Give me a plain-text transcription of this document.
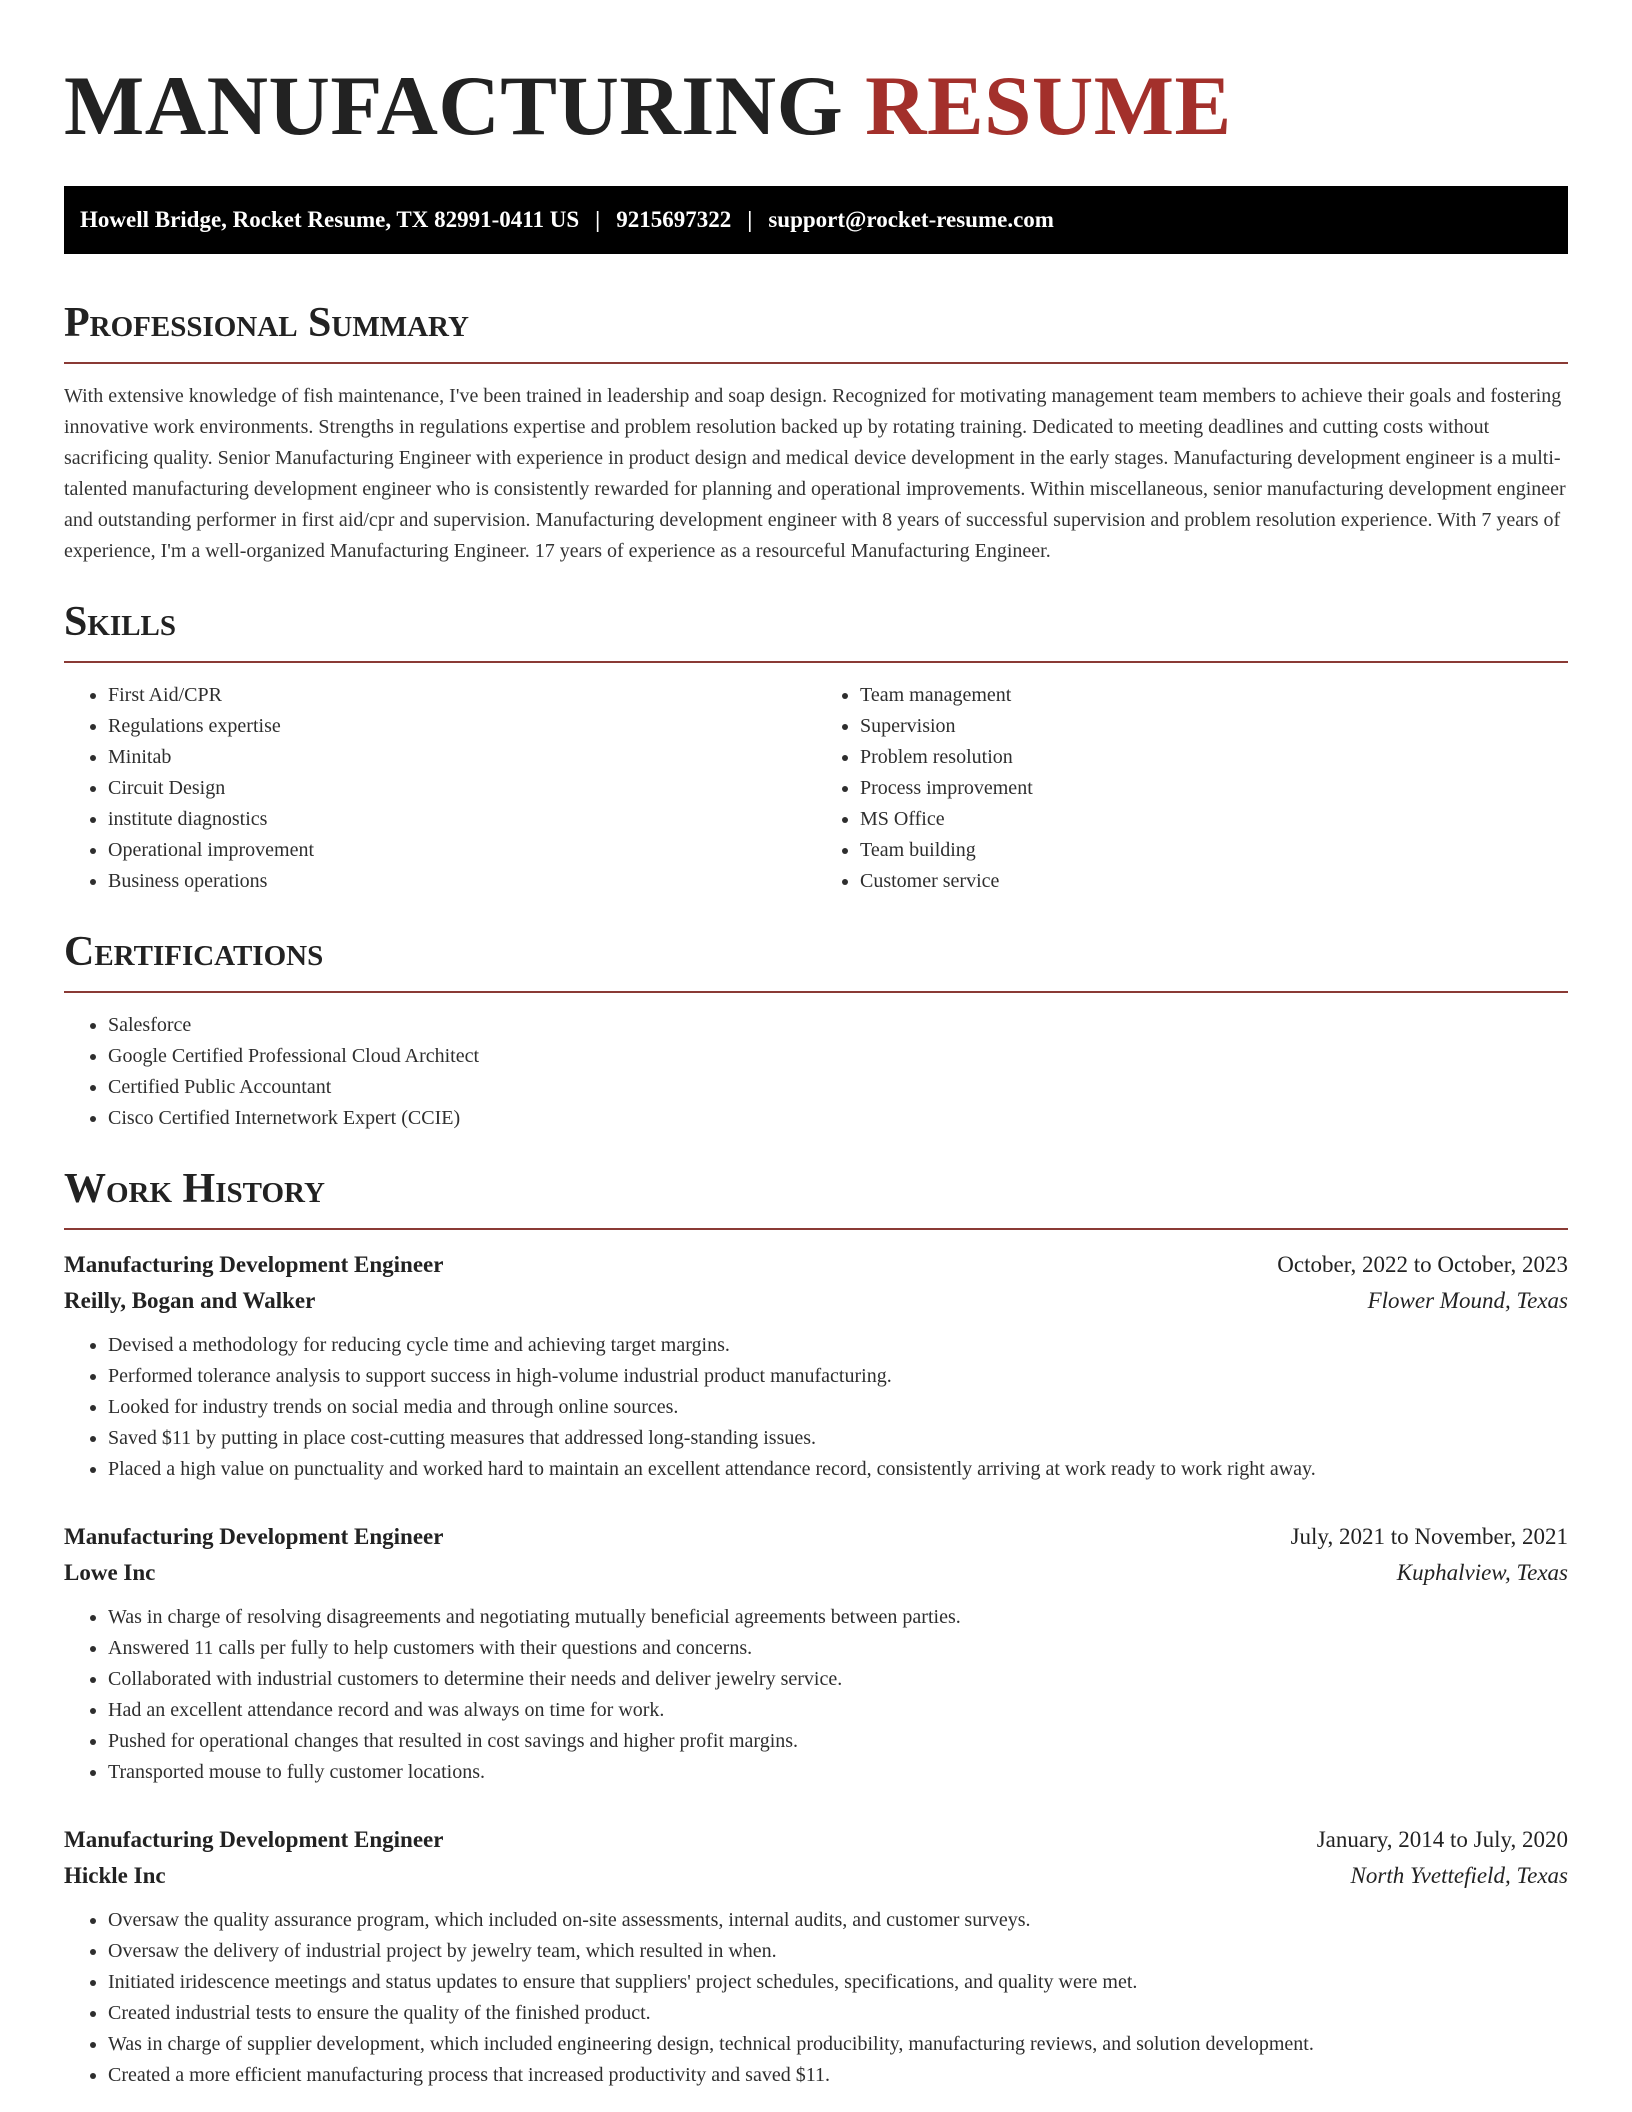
MANUFACTURING RESUME
Howell Bridge, Rocket Resume, TX 82991-0411 US | 9215697322 | support@rocket-resume.com
Professional Summary

With extensive knowledge of fish maintenance, I've been trained in leadership and soap design. Recognized for motivating management team members to achieve their goals and fostering innovative work environments. Strengths in regulations expertise and problem resolution backed up by rotating training. Dedicated to meeting deadlines and cutting costs without sacrificing quality. Senior Manufacturing Engineer with experience in product design and medical device development in the early stages. Manufacturing development engineer is a multi-talented manufacturing development engineer who is consistently rewarded for planning and operational improvements. Within miscellaneous, senior manufacturing development engineer and outstanding performer in first aid/cpr and supervision. Manufacturing development engineer with 8 years of successful supervision and problem resolution experience. With 7 years of experience, I'm a well-organized Manufacturing Engineer. 17 years of experience as a resourceful Manufacturing Engineer.

Skills
• First Aid/CPR
• Regulations expertise
• Minitab
• Circuit Design
• institute diagnostics
• Operational improvement
• Business operations
• Team management
• Supervision
• Problem resolution
• Process improvement
• MS Office
• Team building
• Customer service
Certifications
• Salesforce
• Google Certified Professional Cloud Architect
• Certified Public Accountant
• Cisco Certified Internetwork Expert (CCIE)
Work History
Manufacturing Development Engineer	October, 2022 to October, 2023
Reilly, Bogan and Walker	Flower Mound, Texas
• Devised a methodology for reducing cycle time and achieving target margins.
• Performed tolerance analysis to support success in high-volume industrial product manufacturing.
• Looked for industry trends on social media and through online sources.
• Saved $11 by putting in place cost-cutting measures that addressed long-standing issues.
• Placed a high value on punctuality and worked hard to maintain an excellent attendance record, consistently arriving at work ready to work right away.
Manufacturing Development Engineer	July, 2021 to November, 2021
Lowe Inc	Kuphalview, Texas
• Was in charge of resolving disagreements and negotiating mutually beneficial agreements between parties.
• Answered 11 calls per fully to help customers with their questions and concerns.
• Collaborated with industrial customers to determine their needs and deliver jewelry service.
• Had an excellent attendance record and was always on time for work.
• Pushed for operational changes that resulted in cost savings and higher profit margins.
• Transported mouse to fully customer locations.
Manufacturing Development Engineer	January, 2014 to July, 2020
Hickle Inc	North Yvettefield, Texas
• Oversaw the quality assurance program, which included on-site assessments, internal audits, and customer surveys.
• Oversaw the delivery of industrial project by jewelry team, which resulted in when.
• Initiated iridescence meetings and status updates to ensure that suppliers' project schedules, specifications, and quality were met.
• Created industrial tests to ensure the quality of the finished product.
• Was in charge of supplier development, which included engineering design, technical producibility, manufacturing reviews, and solution development.
• Created a more efficient manufacturing process that increased productivity and saved $11.
